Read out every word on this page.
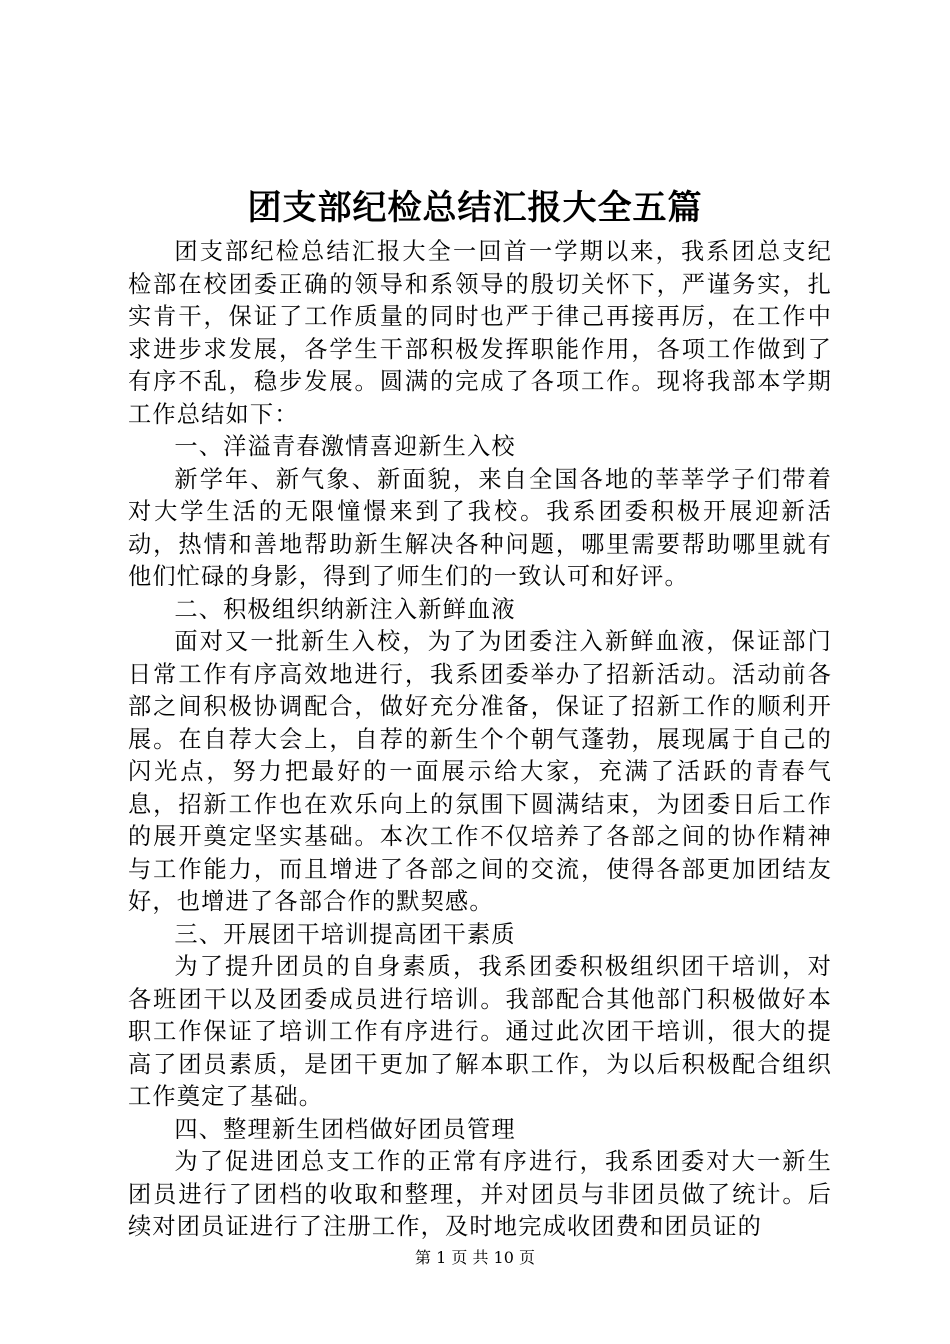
团支部纪检总结汇报大全五篇

团支部纪检总结汇报大全一回首一学期以来，我系团总支纪检部在校团委正确的领导和系领导的殷切关怀下，严谨务实，扎实肯干，保证了工作质量的同时也严于律己再接再厉，在工作中求进步求发展，各学生干部积极发挥职能作用，各项工作做到了有序不乱，稳步发展。圆满的完成了各项工作。现将我部本学期工作总结如下：

一、洋溢青春激情喜迎新生入校

新学年、新气象、新面貌，来自全国各地的莘莘学子们带着对大学生活的无限憧憬来到了我校。我系团委积极开展迎新活动，热情和善地帮助新生解决各种问题，哪里需要帮助哪里就有他们忙碌的身影，得到了师生们的一致认可和好评。

二、积极组织纳新注入新鲜血液

面对又一批新生入校，为了为团委注入新鲜血液，保证部门日常工作有序高效地进行，我系团委举办了招新活动。活动前各部之间积极协调配合，做好充分准备，保证了招新工作的顺利开展。在自荐大会上，自荐的新生个个朝气蓬勃，展现属于自己的闪光点，努力把最好的一面展示给大家，充满了活跃的青春气息，招新工作也在欢乐向上的氛围下圆满结束，为团委日后工作的展开奠定坚实基础。本次工作不仅培养了各部之间的协作精神与工作能力，而且增进了各部之间的交流，使得各部更加团结友好，也增进了各部合作的默契感。

三、开展团干培训提高团干素质

为了提升团员的自身素质，我系团委积极组织团干培训，对各班团干以及团委成员进行培训。我部配合其他部门积极做好本职工作保证了培训工作有序进行。通过此次团干培训，很大的提高了团员素质，是团干更加了解本职工作，为以后积极配合组织工作奠定了基础。

四、整理新生团档做好团员管理

为了促进团总支工作的正常有序进行，我系团委对大一新生团员进行了团档的收取和整理，并对团员与非团员做了统计。后续对团员证进行了注册工作，及时地完成收团费和团员证的

第 1 页 共 10 页
